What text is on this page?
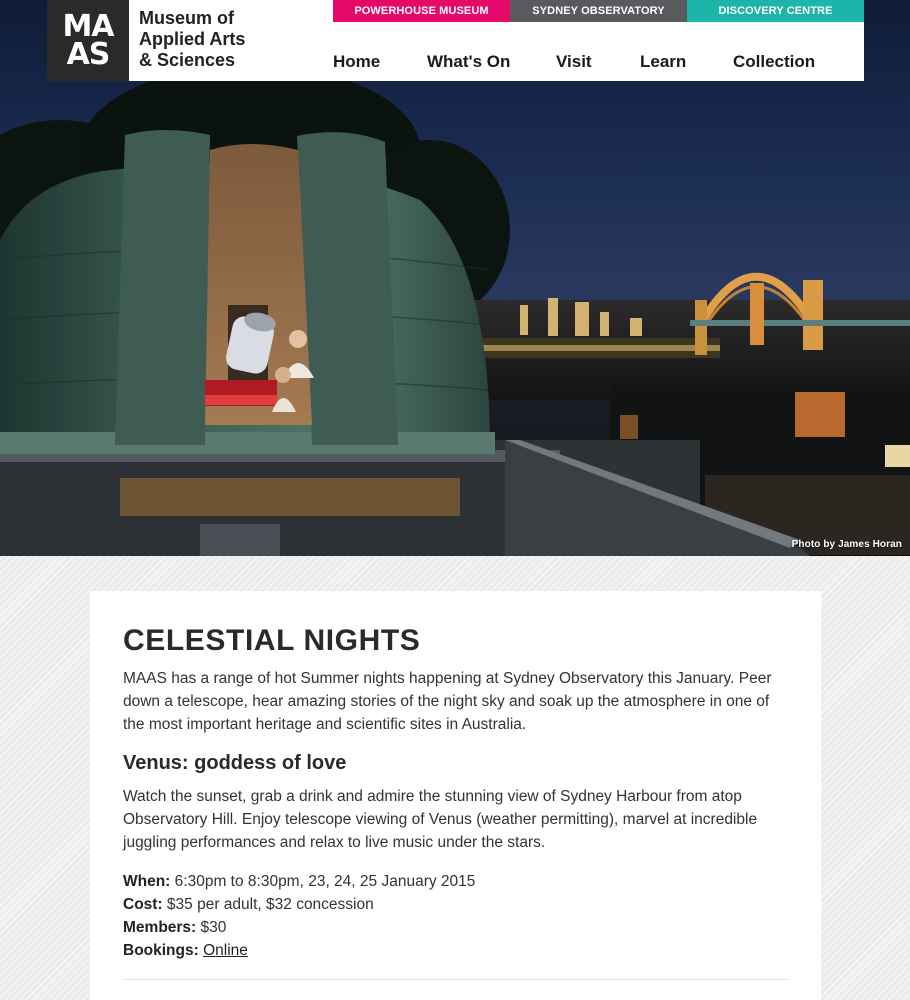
Photo by James Horan
MA
AS
Museum of
Applied Arts
& Sciences
POWERHOUSE MUSEUM	SYDNEY OBSERVATORY	DISCOVERY CENTRE
Home	What's On	Visit	Learn	Collection
CELESTIAL NIGHTS

MAAS has a range of hot Summer nights happening at Sydney Observatory this January. Peer down a telescope, hear amazing stories of the night sky and soak up the atmosphere in one of the most important heritage and scientific sites in Australia.

Venus: goddess of love

Watch the sunset, grab a drink and admire the stunning view of Sydney Harbour from atop Observatory Hill. Enjoy telescope viewing of Venus (weather permitting), marvel at incredible juggling performances and relax to live music under the stars.

When: 6:30pm to 8:30pm, 23, 24, 25 January 2015
Cost: $35 per adult, $32 concession
Members: $30
Bookings: Online
